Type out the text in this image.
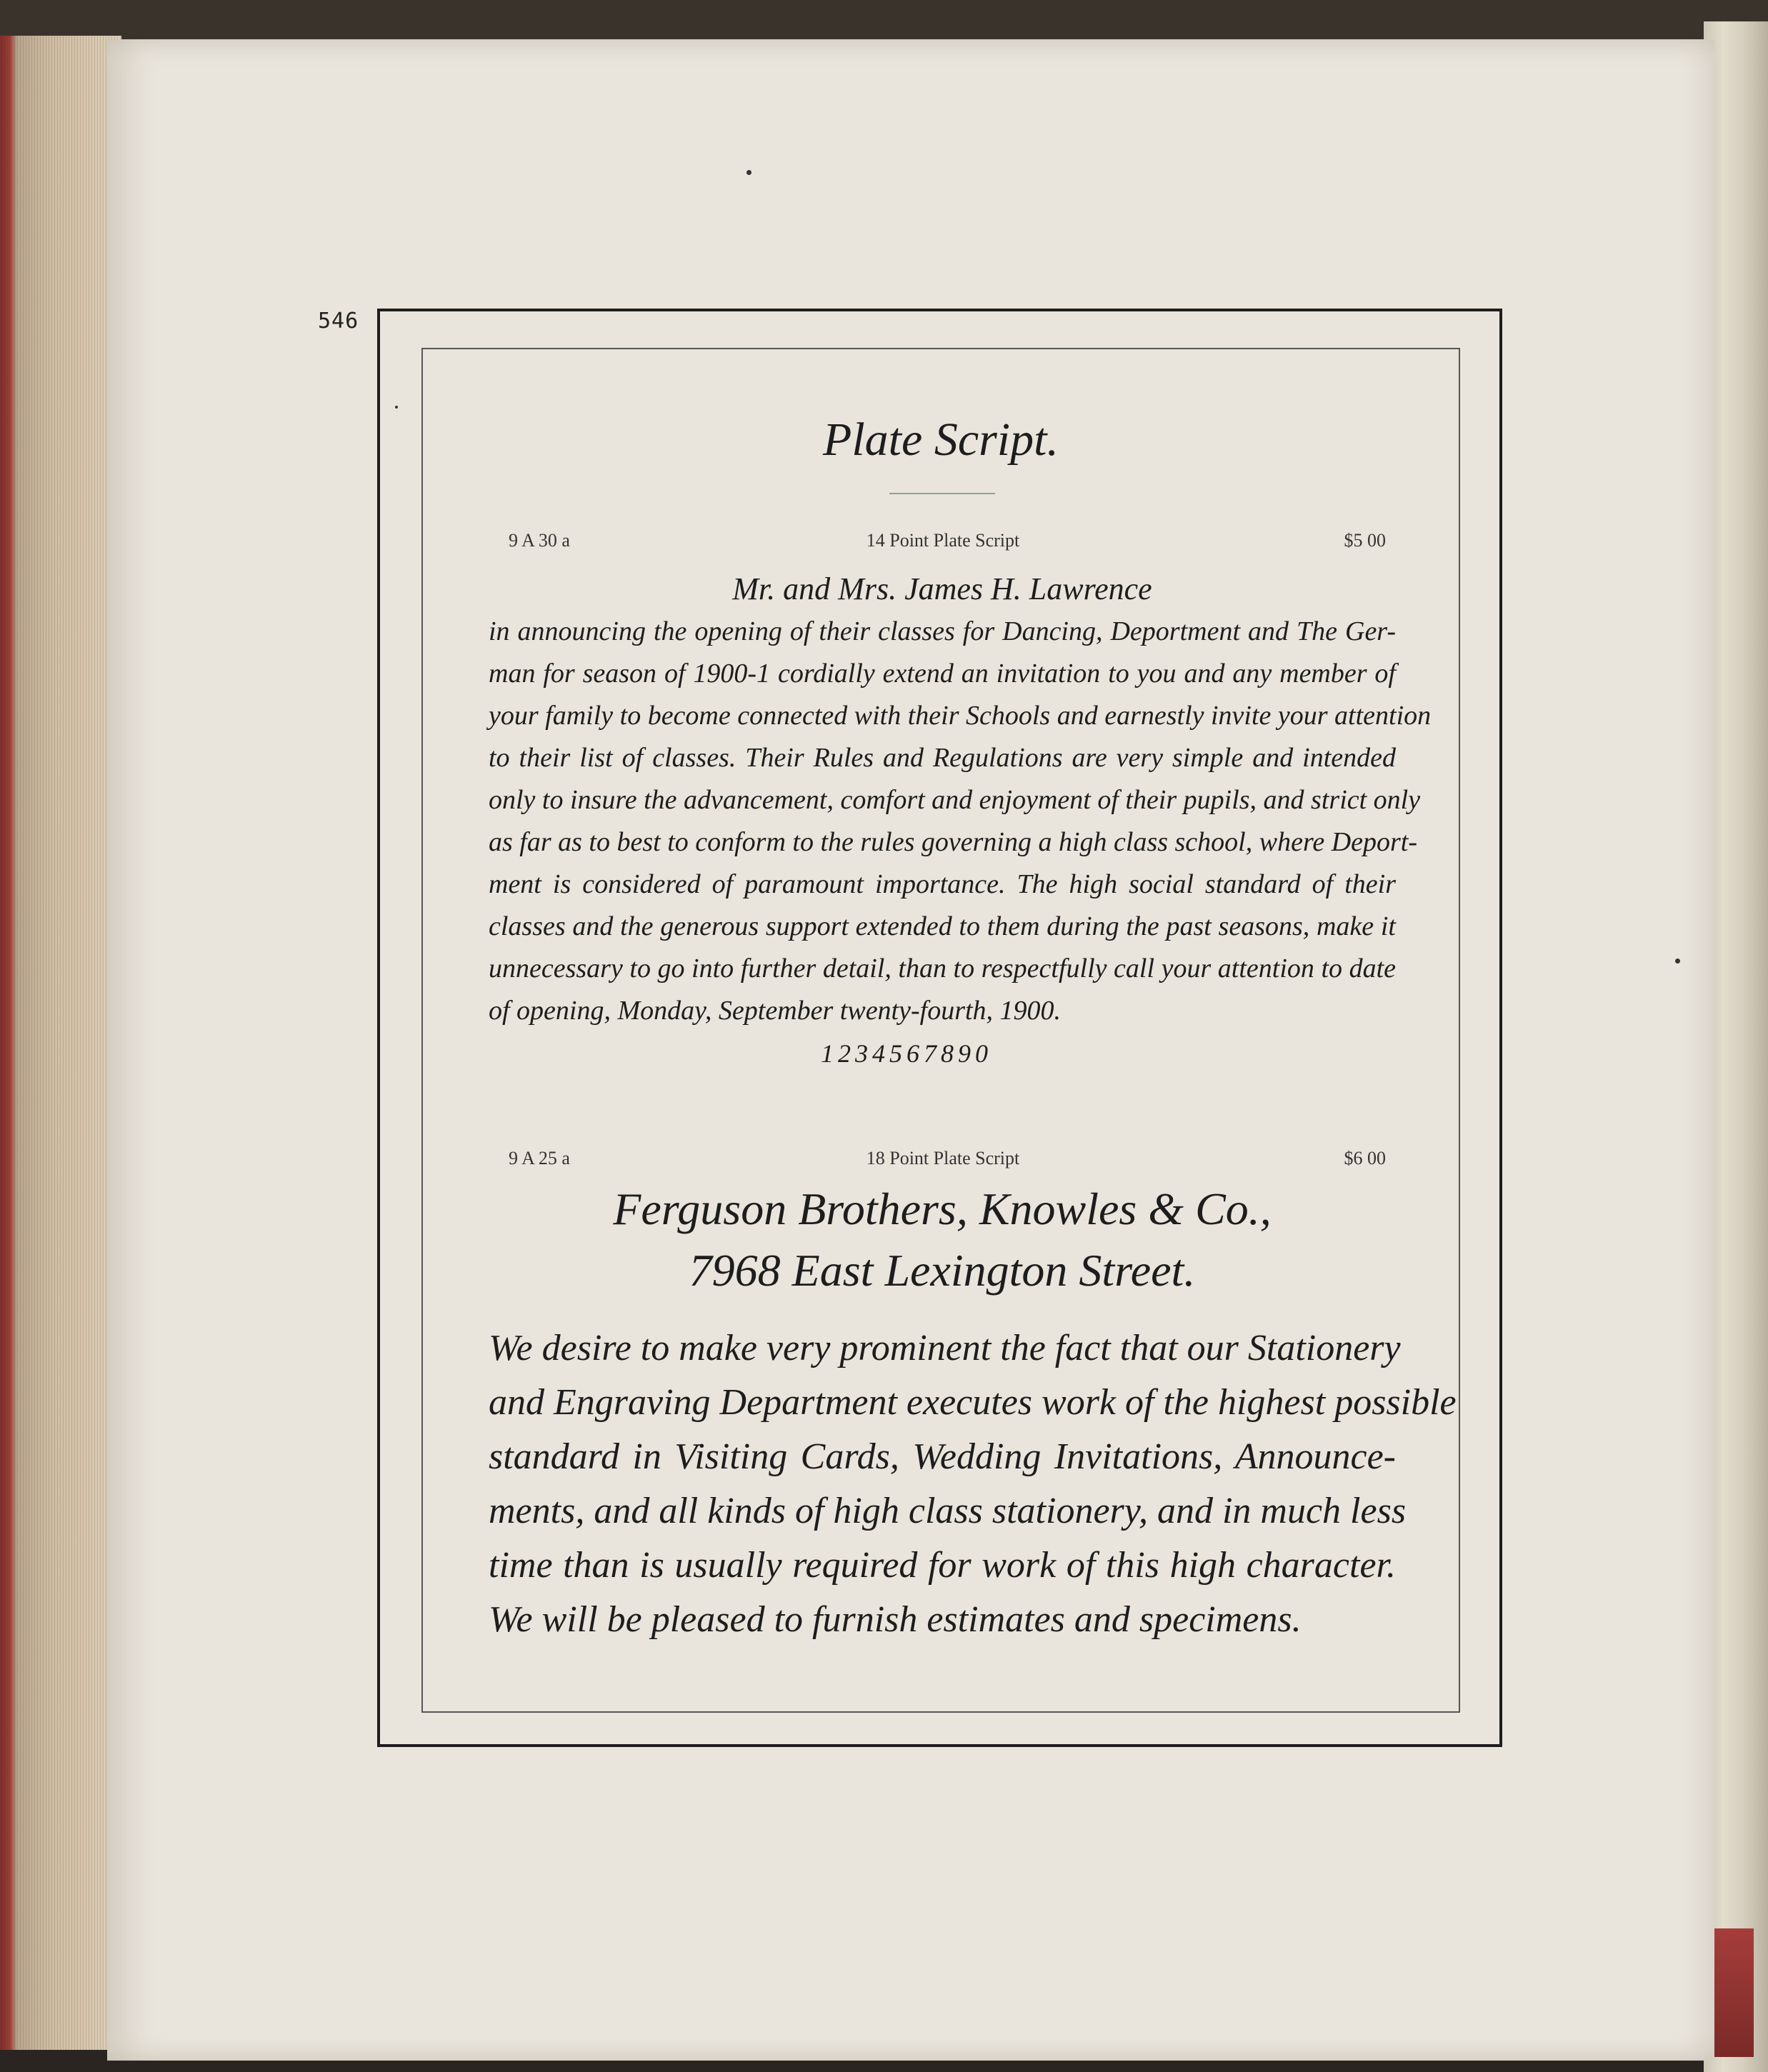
546
Plate Script.
9 A 30 a	14 Point Plate Script	$5 00
Mr. and Mrs. James H. Lawrence
in announcing the opening of their classes for Dancing, Deportment and The Ger-
man for season of 1900-1 cordially extend an invitation to you and any member of
your family to become connected with their Schools and earnestly invite your attention
to their list of classes. Their Rules and Regulations are very simple and intended
only to insure the advancement, comfort and enjoyment of their pupils, and strict only
as far as to best to conform to the rules governing a high class school, where Deport-
ment is considered of paramount importance. The high social standard of their
classes and the generous support extended to them during the past seasons, make it
unnecessary to go into further detail, than to respectfully call your attention to date
of opening, Monday, September twenty-fourth, 1900.
1234567890
9 A 25 a	18 Point Plate Script	$6 00
Ferguson Brothers, Knowles & Co.,
7968 East Lexington Street.
We desire to make very prominent the fact that our Stationery
and Engraving Department executes work of the highest possible
standard in Visiting Cards, Wedding Invitations, Announce-
ments, and all kinds of high class stationery, and in much less
time than is usually required for work of this high character.
We will be pleased to furnish estimates and specimens.
